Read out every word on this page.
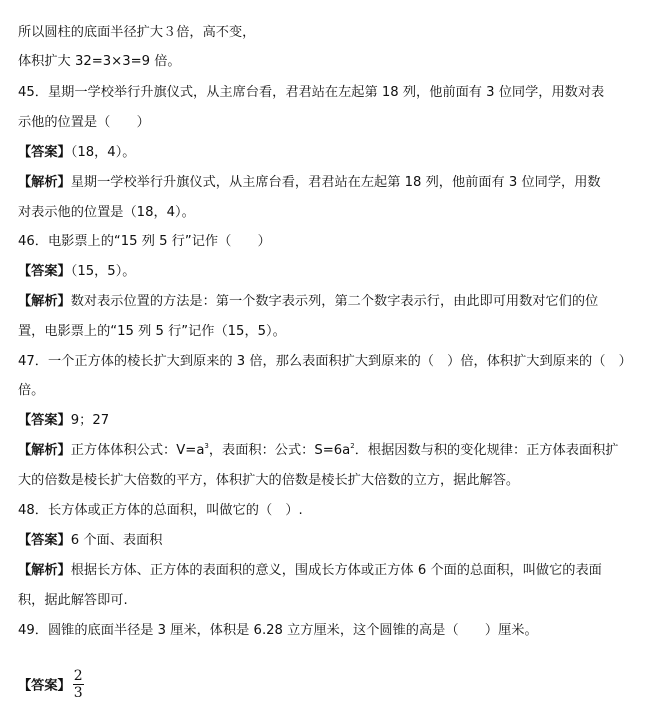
所以圆柱的底面半径扩大３倍，高不变，
体积扩大 32=3×3=9 倍。
45．星期一学校举行升旗仪式，从主席台看，君君站在左起第 18 列，他前面有 3 位同学，用数对表
示他的位置是（　　）
【答案】（18，4）。
【解析】星期一学校举行升旗仪式，从主席台看，君君站在左起第 18 列，他前面有 3 位同学，用数
对表示他的位置是（18，4）。
46．电影票上的“15 列 5 行”记作（　　）
【答案】（15，5）。
【解析】数对表示位置的方法是：第一个数字表示列，第二个数字表示行，由此即可用数对它们的位
置，电影票上的“15 列 5 行”记作（15，5）。
47．一个正方体的棱长扩大到原来的 3 倍，那么表面积扩大到原来的（　）倍，体积扩大到原来的（　）
倍。
【答案】9；27
【解析】正方体体积公式：$V=a^3$，表面积：公式：$S=6a^2$．根据因数与积的变化规律：正方体表面积扩
大的倍数是棱长扩大倍数的平方，体积扩大的倍数是棱长扩大倍数的立方，据此解答。
48．长方体或正方体的总面积，叫做它的（　）.
【答案】6 个面、表面积
【解析】根据长方体、正方体的表面积的意义，围成长方体或正方体 6 个面的总面积，叫做它的表面
积，据此解答即可.
49．圆锥的底面半径是 3 厘米，体积是 6.28 立方厘米，这个圆锥的高是（　　）厘米。
【答案】 $\frac{2}{3}$
